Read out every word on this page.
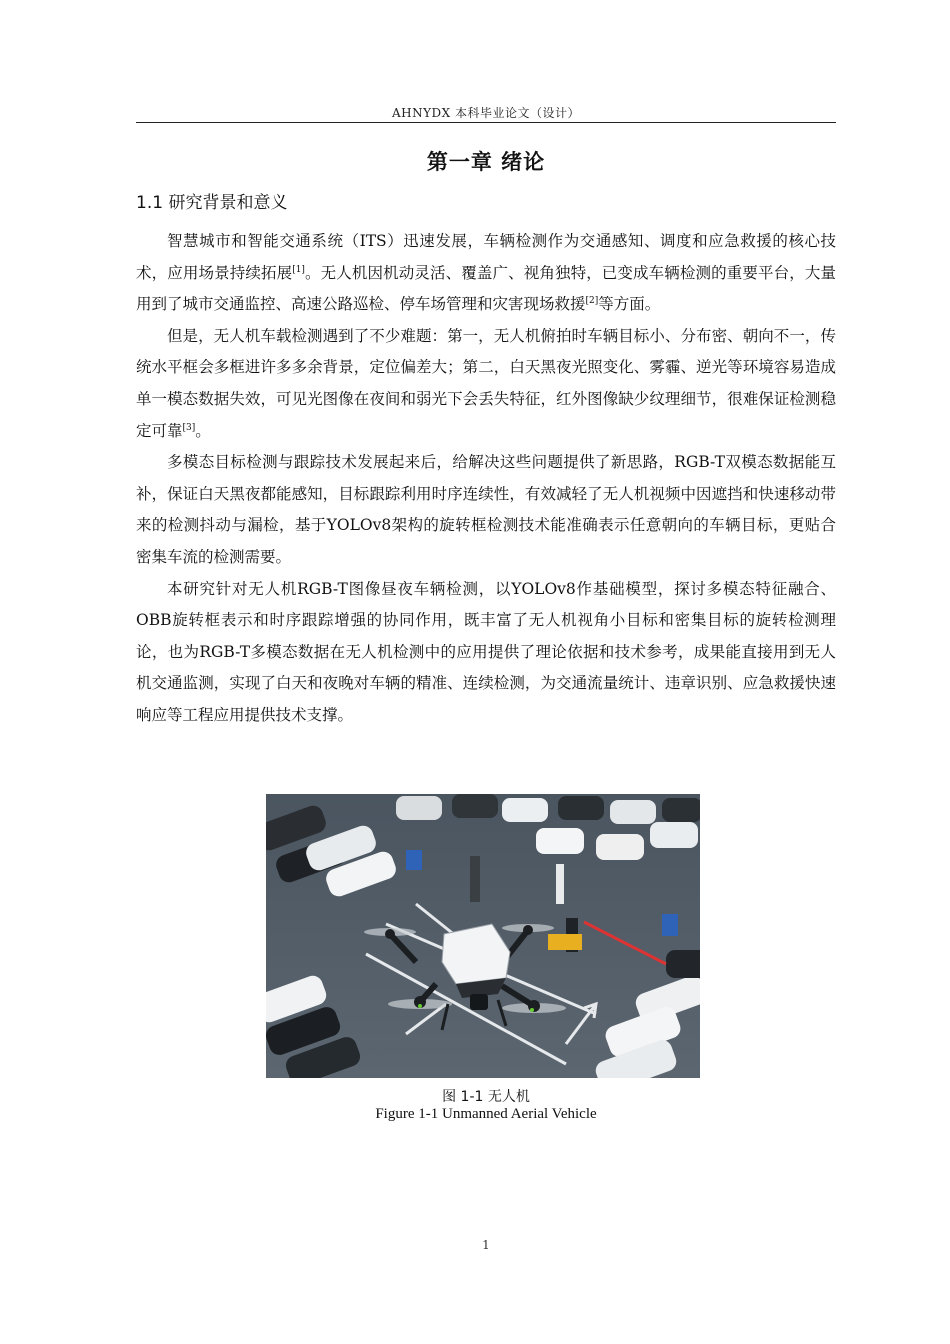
AHNYDX 本科毕业论文（设计）
第一章 绪论
1.1 研究背景和意义

智慧城市和智能交通系统（ITS）迅速发展，车辆检测作为交通感知、调度和应急救援的核心技术，应用场景持续拓展[1]。无人机因机动灵活、覆盖广、视角独特，已变成车辆检测的重要平台，大量用到了城市交通监控、高速公路巡检、停车场管理和灾害现场救援[2]等方面。

但是，无人机车载检测遇到了不少难题：第一，无人机俯拍时车辆目标小、分布密、朝向不一，传统水平框会多框进许多多余背景，定位偏差大；第二，白天黑夜光照变化、雾霾、逆光等环境容易造成单一模态数据失效，可见光图像在夜间和弱光下会丢失特征，红外图像缺少纹理细节，很难保证检测稳定可靠[3]。

多模态目标检测与跟踪技术发展起来后，给解决这些问题提供了新思路，RGB-T双模态数据能互补，保证白天黑夜都能感知，目标跟踪利用时序连续性，有效减轻了无人机视频中因遮挡和快速移动带来的检测抖动与漏检，基于YOLOv8架构的旋转框检测技术能准确表示任意朝向的车辆目标，更贴合密集车流的检测需要。

本研究针对无人机RGB-T图像昼夜车辆检测，以YOLOv8作基础模型，探讨多模态特征融合、OBB旋转框表示和时序跟踪增强的协同作用，既丰富了无人机视角小目标和密集目标的旋转检测理论，也为RGB-T多模态数据在无人机检测中的应用提供了理论依据和技术参考，成果能直接用到无人机交通监测，实现了白天和夜晚对车辆的精准、连续检测，为交通流量统计、违章识别、应急救援快速响应等工程应用提供技术支撑。

图 1-1 无人机
Figure 1-1 Unmanned Aerial Vehicle
1
